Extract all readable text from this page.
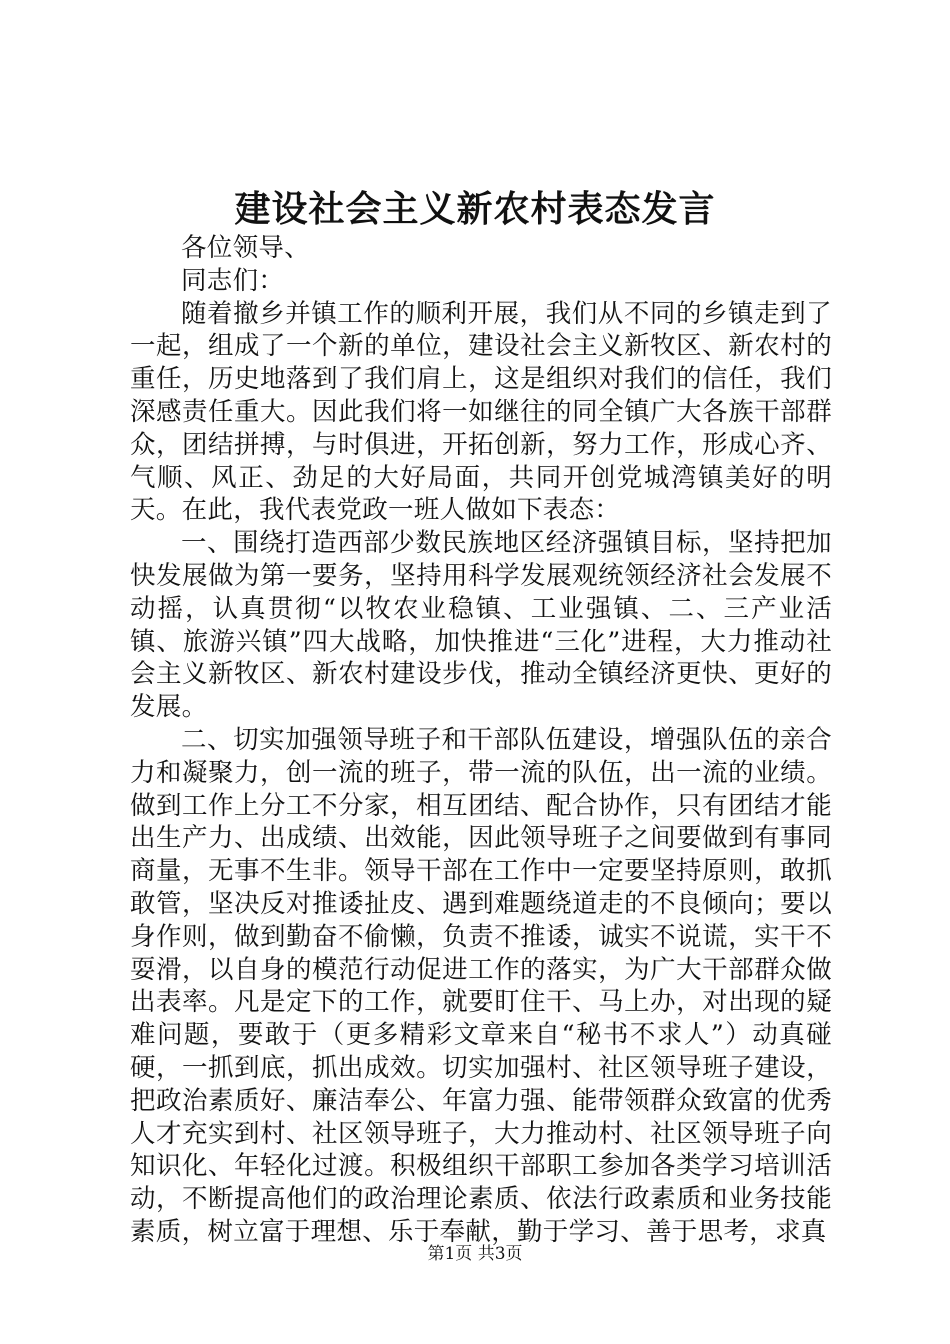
建设社会主义新农村表态发言

各位领导、

同志们：

随着撤乡并镇工作的顺利开展，我们从不同的乡镇走到了一起，组成了一个新的单位，建设社会主义新牧区、新农村的重任，历史地落到了我们肩上，这是组织对我们的信任，我们深感责任重大。因此我们将一如继往的同全镇广大各族干部群众，团结拼搏，与时俱进，开拓创新，努力工作，形成心齐、气顺、风正、劲足的大好局面，共同开创党城湾镇美好的明天。在此，我代表党政一班人做如下表态：

一、围绕打造西部少数民族地区经济强镇目标，坚持把加快发展做为第一要务，坚持用科学发展观统领经济社会发展不动摇，认真贯彻“以牧农业稳镇、工业强镇、二、三产业活镇、旅游兴镇”四大战略，加快推进“三化”进程，大力推动社会主义新牧区、新农村建设步伐，推动全镇经济更快、更好的发展。

二、切实加强领导班子和干部队伍建设，增强队伍的亲合力和凝聚力，创一流的班子，带一流的队伍，出一流的业绩。做到工作上分工不分家，相互团结、配合协作，只有团结才能出生产力、出成绩、出效能，因此领导班子之间要做到有事同商量，无事不生非。领导干部在工作中一定要坚持原则，敢抓敢管，坚决反对推诿扯皮、遇到难题绕道走的不良倾向；要以身作则，做到勤奋不偷懒，负责不推诿，诚实不说谎，实干不耍滑，以自身的模范行动促进工作的落实，为广大干部群众做出表率。凡是定下的工作，就要盯住干、马上办，对出现的疑难问题，要敢于（更多精彩文章来自“秘书不求人”）动真碰硬，一抓到底，抓出成效。切实加强村、社区领导班子建设，把政治素质好、廉洁奉公、年富力强、能带领群众致富的优秀人才充实到村、社区领导班子，大力推动村、社区领导班子向知识化、年轻化过渡。积极组织干部职工参加各类学习培训活动，不断提高他们的政治理论素质、依法行政素质和业务技能素质，树立富于理想、乐于奉献，勤于学习、善于思考，求真

第1页 共3页
